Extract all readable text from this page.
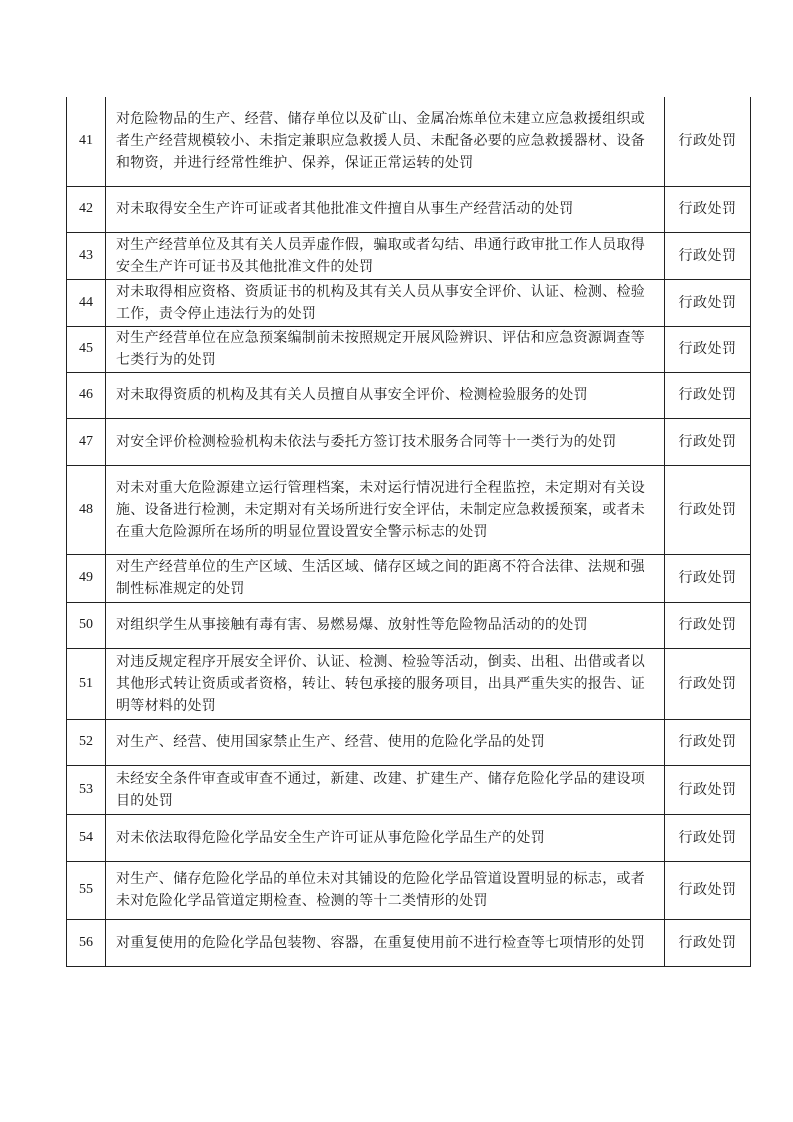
41	对危险物品的生产、经营、储存单位以及矿山、金属冶炼单位未建立应急救援组织或者生产经营规模较小、未指定兼职应急救援人员、未配备必要的应急救援器材、设备和物资，并进行经常性维护、保养，保证正常运转的处罚	行政处罚
42	对未取得安全生产许可证或者其他批准文件擅自从事生产经营活动的处罚	行政处罚
43	对生产经营单位及其有关人员弄虚作假，骗取或者勾结、串通行政审批工作人员取得安全生产许可证书及其他批准文件的处罚	行政处罚
44	对未取得相应资格、资质证书的机构及其有关人员从事安全评价、认证、检测、检验工作，责令停止违法行为的处罚	行政处罚
45	对生产经营单位在应急预案编制前未按照规定开展风险辨识、评估和应急资源调查等七类行为的处罚	行政处罚
46	对未取得资质的机构及其有关人员擅自从事安全评价、检测检验服务的处罚	行政处罚
47	对安全评价检测检验机构未依法与委托方签订技术服务合同等十一类行为的处罚	行政处罚
48	对未对重大危险源建立运行管理档案，未对运行情况进行全程监控，未定期对有关设施、设备进行检测，未定期对有关场所进行安全评估，未制定应急救援预案，或者未在重大危险源所在场所的明显位置设置安全警示标志的处罚	行政处罚
49	对生产经营单位的生产区域、生活区域、储存区域之间的距离不符合法律、法规和强制性标准规定的处罚	行政处罚
50	对组织学生从事接触有毒有害、易燃易爆、放射性等危险物品活动的的处罚	行政处罚
51	对违反规定程序开展安全评价、认证、检测、检验等活动，倒卖、出租、出借或者以其他形式转让资质或者资格，转让、转包承接的服务项目，出具严重失实的报告、证明等材料的处罚	行政处罚
52	对生产、经营、使用国家禁止生产、经营、使用的危险化学品的处罚	行政处罚
53	未经安全条件审查或审查不通过，新建、改建、扩建生产、储存危险化学品的建设项目的处罚	行政处罚
54	对未依法取得危险化学品安全生产许可证从事危险化学品生产的处罚	行政处罚
55	对生产、储存危险化学品的单位未对其铺设的危险化学品管道设置明显的标志，或者未对危险化学品管道定期检查、检测的等十二类情形的处罚	行政处罚
56	对重复使用的危险化学品包装物、容器，在重复使用前不进行检查等七项情形的处罚	行政处罚
